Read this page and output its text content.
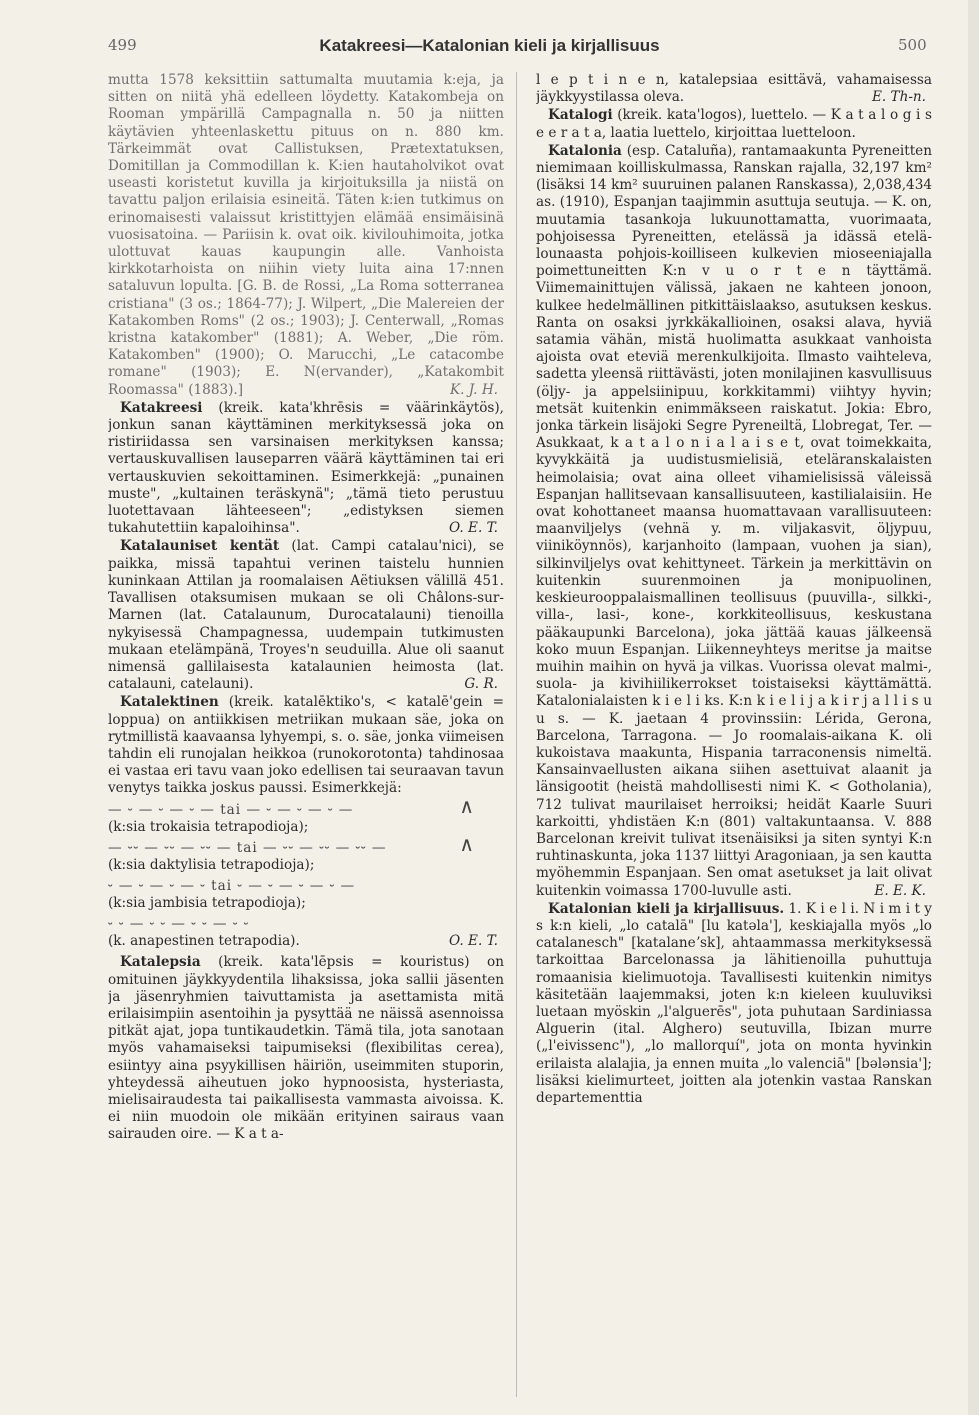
499	Katakreesi—Katalonian kieli ja kirjallisuus	500
mutta 1578 keksittiin sattumalta muutamia k:eja, ja sitten on niitä yhä edelleen löydetty. Katakombeja on Rooman ympärillä Campagnalla n. 50 ja niitten käytävien yhteenlaskettu pituus on n. 880 km. Tärkeimmät ovat Callistuksen, Prætextatuksen, Domitillan ja Commodillan k. K:ien hautaholvikot ovat useasti koristetut kuvilla ja kirjoituksilla ja niistä on tavattu paljon erilaisia esineitä. Täten k:ien tutkimus on erinomaisesti valaissut kristittyjen elämää ensimäisinä vuosisatoina. — Pariisin k. ovat oik. kivilouhimoita, jotka ulottuvat kauas kaupungin alle. Vanhoista kirkkotarhoista on niihin viety luita aina 17:nnen sataluvun lopulta. [G. B. de Rossi, „La Roma sotterranea cristiana" (3 os.; 1864-77); J. Wilpert, „Die Malereien der Katakomben Roms" (2 os.; 1903); J. Centerwall, „Romas kristna katakomber" (1881); A. Weber, „Die röm. Katakomben" (1900); O. Marucchi, „Le catacombe romane" (1903); E. N(ervander), „Katakombit Roomassa" (1883).]	K. J. H.
Katakreesi (kreik. kata'khrēsis = väärinkäytös), jonkun sanan käyttäminen merkityksessä joka on ristiriidassa sen varsinaisen merkityksen kanssa; vertauskuvallisen lauseparren väärä käyttäminen tai eri vertauskuvien sekoittaminen. Esimerkkejä: „punainen muste", „kultainen teräskynä"; „tämä tieto perustuu luotettavaan lähteeseen"; „edistyksen siemen tukahutettiin kapaloihinsa".	O. E. T.
Katalauniset kentät (lat. Campi catalau'nici), se paikka, missä tapahtui verinen taistelu hunnien kuninkaan Attilan ja roomalaisen Aëtiuksen välillä 451. Tavallisen otaksumisen mukaan se oli Châlons-sur-Marnen (lat. Catalaunum, Durocatalauni) tienoilla nykyisessä Champagnessa, uudempain tutkimusten mukaan etelämpänä, Troyes'n seuduilla. Alue oli saanut nimensä gallilaisesta katalaunien heimosta (lat. catalauni, catelauni).	G. R.
Katalektinen (kreik. katalēktiko's, < katalē'gein = loppua) on antiikkisen metriikan mukaan säe, joka on rytmillistä kaavaansa lyhyempi, s. o. säe, jonka viimeisen tahdin eli runojalan heikkoa (runokorotonta) tahdinosaa ei vastaa eri tavu vaan joko edellisen tai seuraavan tavun venytys taikka joskus paussi. Esimerkkejä:
— ⏑ — ⏑ — ⏑ — tai — ⏑ — ⏑ — ⏑ —	∧
(k:sia trokaisia tetrapodioja);
— ⏑⏑ — ⏑⏑ — ⏑⏑ — tai — ⏑⏑ — ⏑⏑ — ⏑⏑ —	∧
(k:sia daktylisia tetrapodioja);
⏑ — ⏑ — ⏑ — ⏑ tai ⏑ — ⏑ — ⏑ — ⏑ —
(k:sia jambisia tetrapodioja);
⏑ ⏑ — ⏑ ⏑ — ⏑ ⏑ — ⏑ ⏑
(k. anapestinen tetrapodia).	O. E. T.
Katalepsia (kreik. kata'lēpsis = kouristus) on omituinen jäykkyydentila lihaksissa, joka sallii jäsenten ja jäsenryhmien taivuttamista ja asettamista mitä erilaisimpiin asentoihin ja pysyttää ne näissä asennoissa pitkät ajat, jopa tuntikaudetkin. Tämä tila, jota sanotaan myös vahamaiseksi taipumiseksi (flexibilitas cerea), esiintyy aina psyykillisen häiriön, useimmiten stuporin, yhteydessä aiheutuen joko hypnoosista, hysteriasta, mielisairaudesta tai paikallisesta vammasta aivoissa. K. ei niin muodoin ole mikään erityinen sairaus vaan sairauden oire. — K a t a-
l e p t i n e n, katalepsiaa esittävä, vahamaisessa jäykkyystilassa oleva.	E. Th-n.
Katalogi (kreik. kata'logos), luettelo. — K a t a l o g i s e e r a t a, laatia luettelo, kirjoittaa luetteloon.
Katalonia (esp. Cataluña), rantamaakunta Pyreneitten niemimaan koilliskulmassa, Ranskan rajalla, 32,197 km² (lisäksi 14 km² suuruinen palanen Ranskassa), 2,038,434 as. (1910), Espanjan taajimmin asuttuja seutuja. — K. on, muutamia tasankoja lukuunottamatta, vuorimaata, pohjoisessa Pyreneitten, etelässä ja idässä etelä-lounaasta pohjois-koilliseen kulkevien mioseeniajalla poimettuneitten K:n v u o r t e n täyttämä. Viimemainittujen välissä, jakaen ne kahteen jonoon, kulkee hedelmällinen pitkittäislaakso, asutuksen keskus. Ranta on osaksi jyrkkäkallioinen, osaksi alava, hyviä satamia vähän, mistä huolimatta asukkaat vanhoista ajoista ovat eteviä merenkulkijoita. Ilmasto vaihteleva, sadetta yleensä riittävästi, joten monilajinen kasvullisuus (öljy- ja appelsiinipuu, korkkitammi) viihtyy hyvin; metsät kuitenkin enimmäkseen raiskatut. Jokia: Ebro, jonka tärkein lisäjoki Segre Pyreneiltä, Llobregat, Ter. — Asukkaat, k a t a l o n i a l a i s e t, ovat toimekkaita, kyvykkäitä ja uudistusmielisiä, eteläranskalaisten heimolaisia; ovat aina olleet vihamielisissä väleissä Espanjan hallitsevaan kansallisuuteen, kastilialaisiin. He ovat kohottaneet maansa huomattavaan varallisuuteen: maanviljelys (vehnä y. m. viljakasvit, öljypuu, viiniköynnös), karjanhoito (lampaan, vuohen ja sian), silkinviljelys ovat kehittyneet. Tärkein ja merkittävin on kuitenkin suurenmoinen ja monipuolinen, keskieurooppalaismallinen teollisuus (puuvilla-, silkki-, villa-, lasi-, kone-, korkkiteollisuus, keskustana pääkaupunki Barcelona), joka jättää kauas jälkeensä koko muun Espanjan. Liikenneyhteys meritse ja maitse muihin maihin on hyvä ja vilkas. Vuorissa olevat malmi-, suola- ja kivihiilikerrokset toistaiseksi käyttämättä. Katalonialaisten k i e l i ks. K:n k i e l i j a k i r j a l l i s u u s. — K. jaetaan 4 provinssiin: Lérida, Gerona, Barcelona, Tarragona. — Jo roomalais-aikana K. oli kukoistava maakunta, Hispania tarraconensis nimeltä. Kansainvaellusten aikana siihen asettuivat alaanit ja länsigootit (heistä mahdollisesti nimi K. < Gotholania), 712 tulivat maurilaiset herroiksi; heidät Kaarle Suuri karkoitti, yhdistäen K:n (801) valtakuntaansa. V. 888 Barcelonan kreivit tulivat itsenäisiksi ja siten syntyi K:n ruhtinaskunta, joka 1137 liittyi Aragoniaan, ja sen kautta myöhemmin Espanjaan. Sen omat asetukset ja lait olivat kuitenkin voimassa 1700-luvulle asti.	E. E. K.
Katalonian kieli ja kirjallisuus. 1. K i e l i. N i m i t y s k:n kieli, „lo catalā" [lu katəla'], keskiajalla myös „lo catalanesch" [katalaneʼsk], ahtaammassa merkityksessä tarkoittaa Barcelonassa ja lähitienoilla puhuttuja romaanisia kielimuotoja. Tavallisesti kuitenkin nimitys käsitetään laajemmaksi, joten k:n kieleen kuuluviksi luetaan myöskin „l'alguerēs", jota puhutaan Sardiniassa Alguerin (ital. Alghero) seutuvilla, Ibizan murre („l'eivissenc"), „lo mallorquí", jota on monta hyvinkin erilaista alalajia, ja ennen muita „lo valenciā" [bələnsia']; lisäksi kielimurteet, joitten ala jotenkin vastaa Ranskan departementtia
